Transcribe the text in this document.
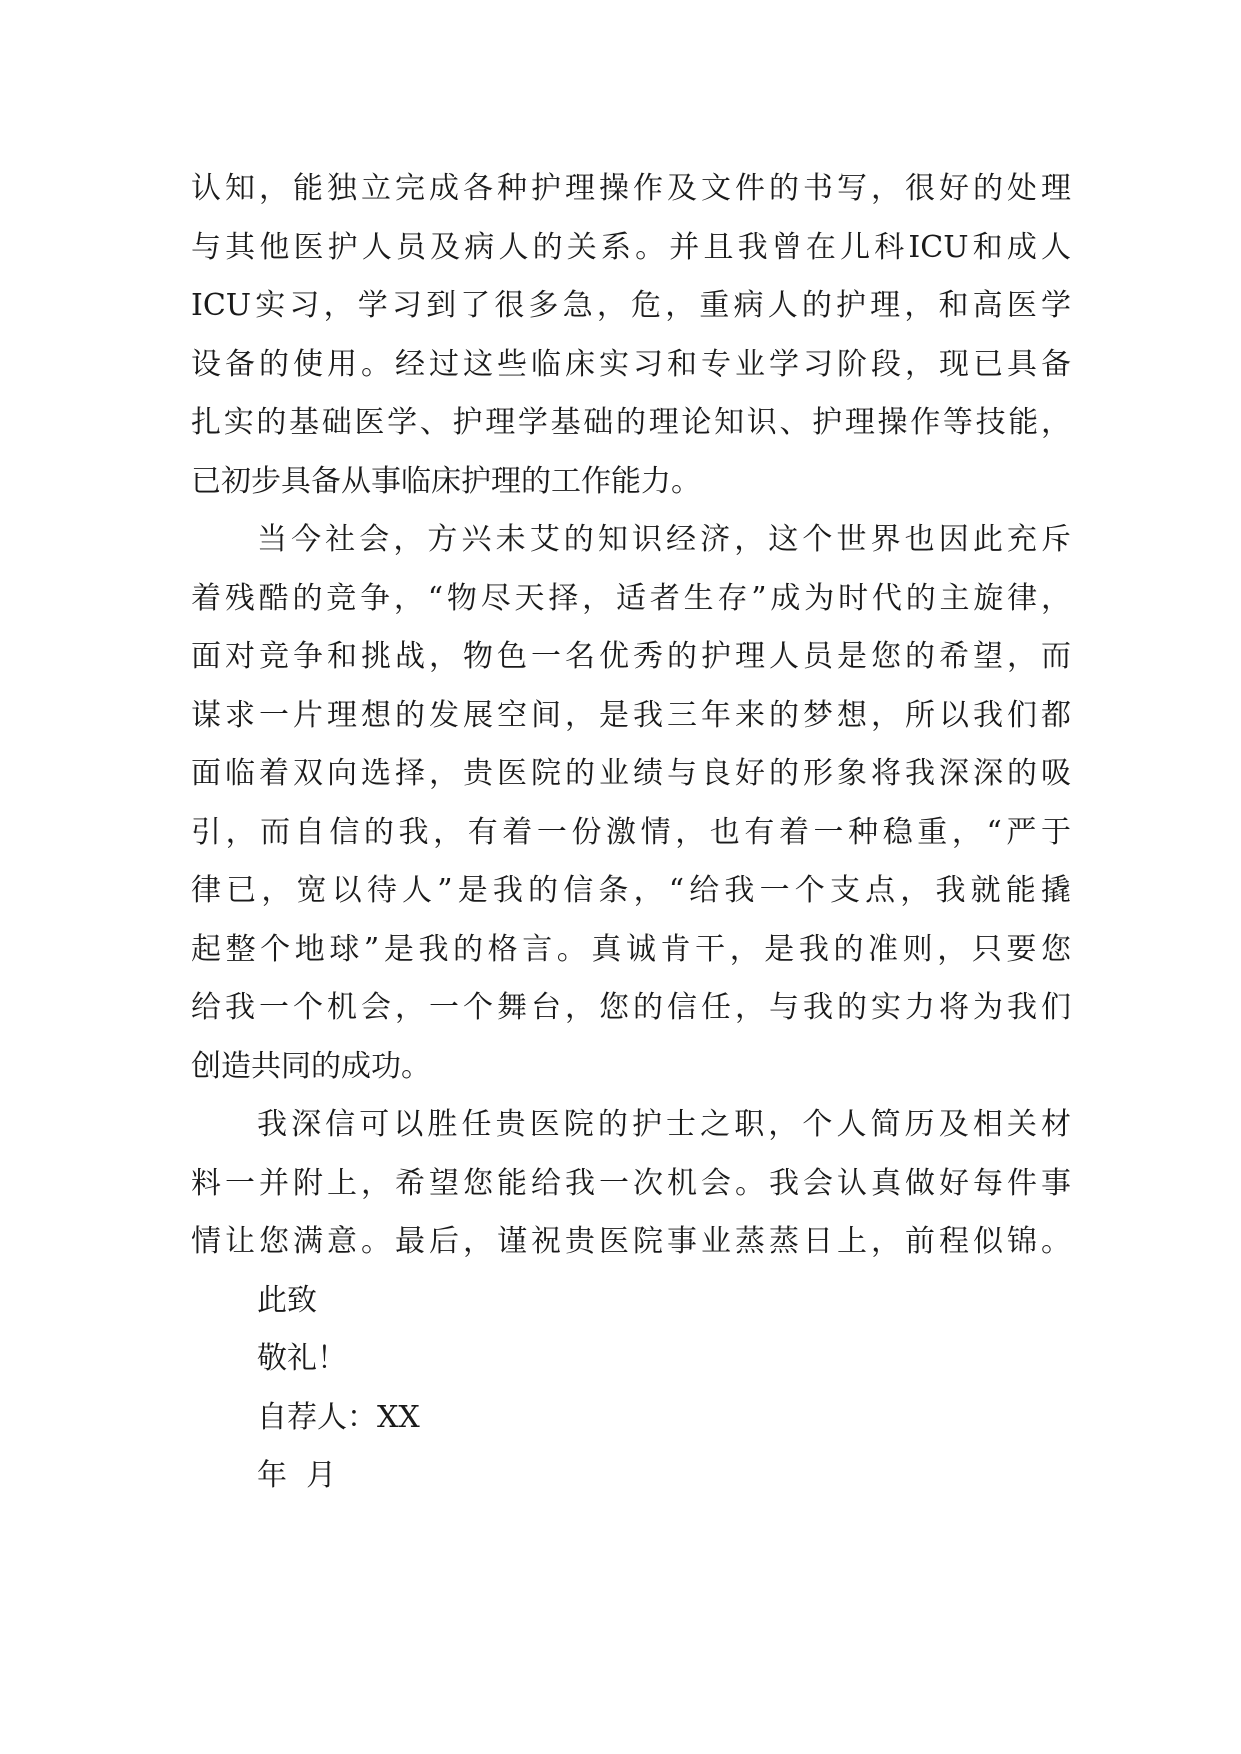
认知，能独立完成各种护理操作及文件的书写，很好的处理
与其他医护人员及病人的关系。并且我曾在儿科ICU和成人
ICU实习，学习到了很多急，危，重病人的护理，和高医学
设备的使用。经过这些临床实习和专业学习阶段，现已具备
扎实的基础医学、护理学基础的理论知识、护理操作等技能，
已初步具备从事临床护理的工作能力。
当今社会，方兴未艾的知识经济，这个世界也因此充斥
着残酷的竞争，“物尽天择，适者生存”成为时代的主旋律，
面对竞争和挑战，物色一名优秀的护理人员是您的希望，而
谋求一片理想的发展空间，是我三年来的梦想，所以我们都
面临着双向选择，贵医院的业绩与良好的形象将我深深的吸
引，而自信的我，有着一份激情，也有着一种稳重，“严于
律已，宽以待人”是我的信条，“给我一个支点，我就能撬
起整个地球”是我的格言。真诚肯干，是我的准则，只要您
给我一个机会，一个舞台，您的信任，与我的实力将为我们
创造共同的成功。
我深信可以胜任贵医院的护士之职，个人简历及相关材
料一并附上，希望您能给我一次机会。我会认真做好每件事
情让您满意。最后，谨祝贵医院事业蒸蒸日上，前程似锦。
此致
敬礼！
自荐人：XX
年  月
